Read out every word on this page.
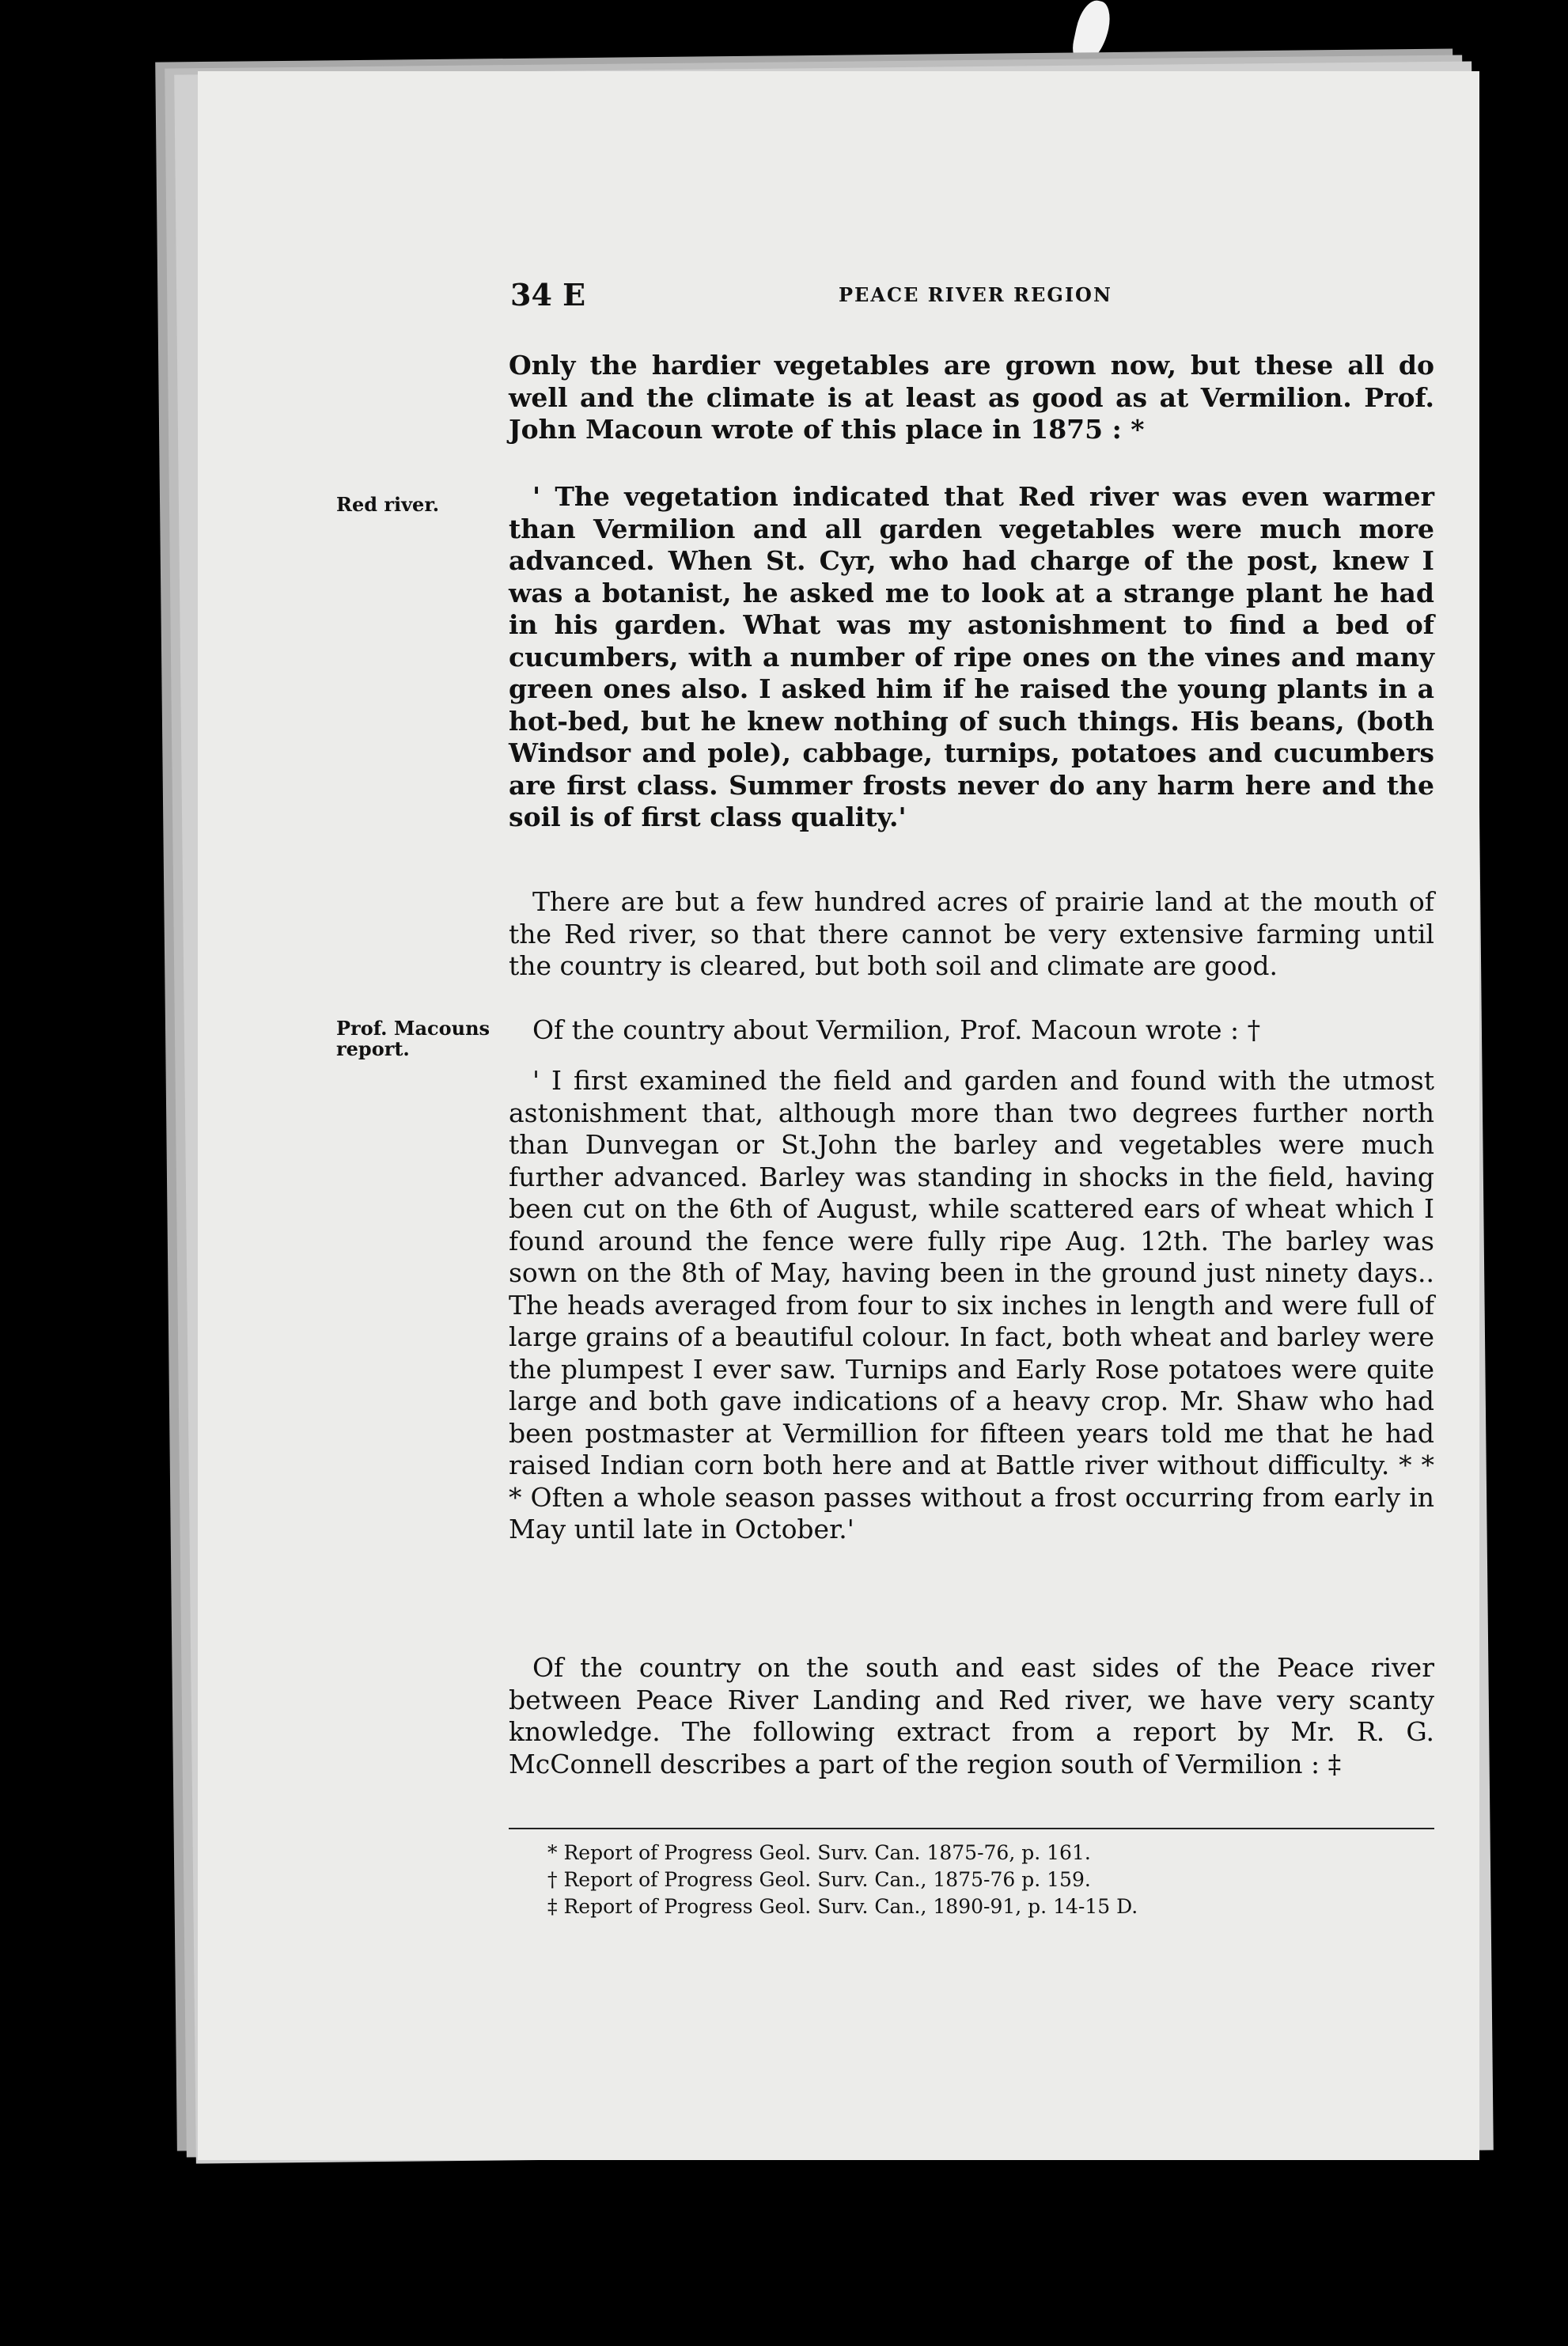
34 E	PEACE RIVER REGION
Only the hardier vegetables are grown now, but these all do well and the climate is at least as good as at Vermilion. Prof. John Macoun wrote of this place in 1875 : *
Red river.	' The vegetation indicated that Red river was even warmer than Vermilion and all garden vegetables were much more advanced. When St. Cyr, who had charge of the post, knew I was a botanist, he asked me to look at a strange plant he had in his garden. What was my astonishment to find a bed of cucumbers, with a number of ripe ones on the vines and many green ones also. I asked him if he raised the young plants in a hot-bed, but he knew nothing of such things. His beans, (both Windsor and pole), cabbage, turnips, potatoes and cucumbers are first class. Summer frosts never do any harm here and the soil is of first class quality.'
There are but a few hundred acres of prairie land at the mouth of the Red river, so that there cannot be very extensive farming until the country is cleared, but both soil and climate are good.
Prof. Macouns report.
Of the country about Vermilion, Prof. Macoun wrote : †
' I first examined the field and garden and found with the utmost astonishment that, although more than two degrees further north than Dunvegan or St.John the barley and vegetables were much further advanced. Barley was standing in shocks in the field, having been cut on the 6th of August, while scattered ears of wheat which I found around the fence were fully ripe Aug. 12th. The barley was sown on the 8th of May, having been in the ground just ninety days.. The heads averaged from four to six inches in length and were full of large grains of a beautiful colour. In fact, both wheat and barley were the plumpest I ever saw. Turnips and Early Rose potatoes were quite large and both gave indications of a heavy crop. Mr. Shaw who had been postmaster at Vermillion for fifteen years told me that he had raised Indian corn both here and at Battle river without difficulty. * * * Often a whole season passes without a frost occurring from early in May until late in October.'
Of the country on the south and east sides of the Peace river between Peace River Landing and Red river, we have very scanty knowledge. The following extract from a report by Mr. R. G. McConnell describes a part of the region south of Vermilion : ‡
* Report of Progress Geol. Surv. Can. 1875-76, p. 161.
† Report of Progress Geol. Surv. Can., 1875-76 p. 159.
‡ Report of Progress Geol. Surv. Can., 1890-91, p. 14-15 D.
